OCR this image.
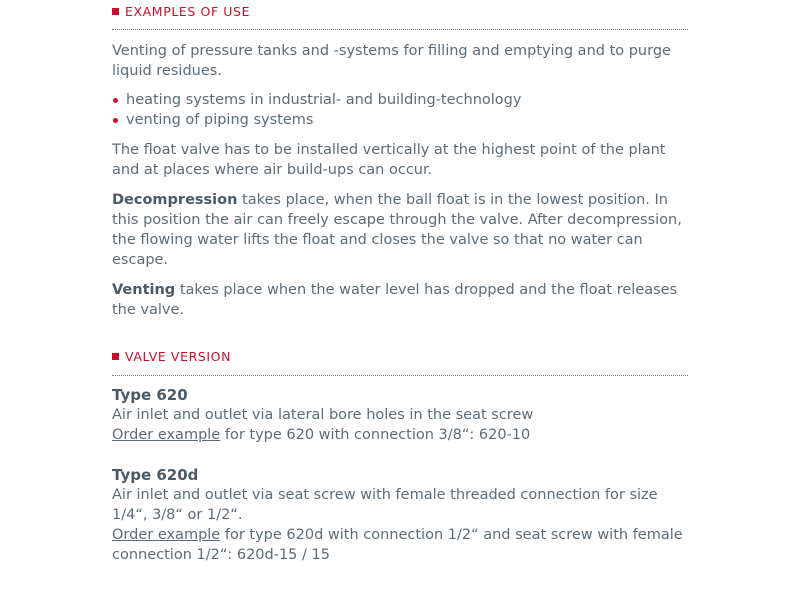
EXAMPLES OF USE

Venting of pressure tanks and -systems for filling and emptying and to purge liquid residues.

heating systems in industrial- and building-technology
venting of piping systems

The float valve has to be installed vertically at the highest point of the plant and at places where air build-ups can occur.

Decompression takes place, when the ball float is in the lowest position. In this position the air can freely escape through the valve. After decompression, the flowing water lifts the float and closes the valve so that no water can escape.

Venting takes place when the water level has dropped and the float releases the valve.

VALVE VERSION
Type 620

Air inlet and outlet via lateral bore holes in the seat screw

Order example for type 620 with connection 3/8“: 620-10

Type 620d

Air inlet and outlet via seat screw with female threaded connection for size 1/4“, 3/8“ or 1/2“.

Order example for type 620d with connection 1/2“ and seat screw with female connection 1/2“: 620d-15 / 15
